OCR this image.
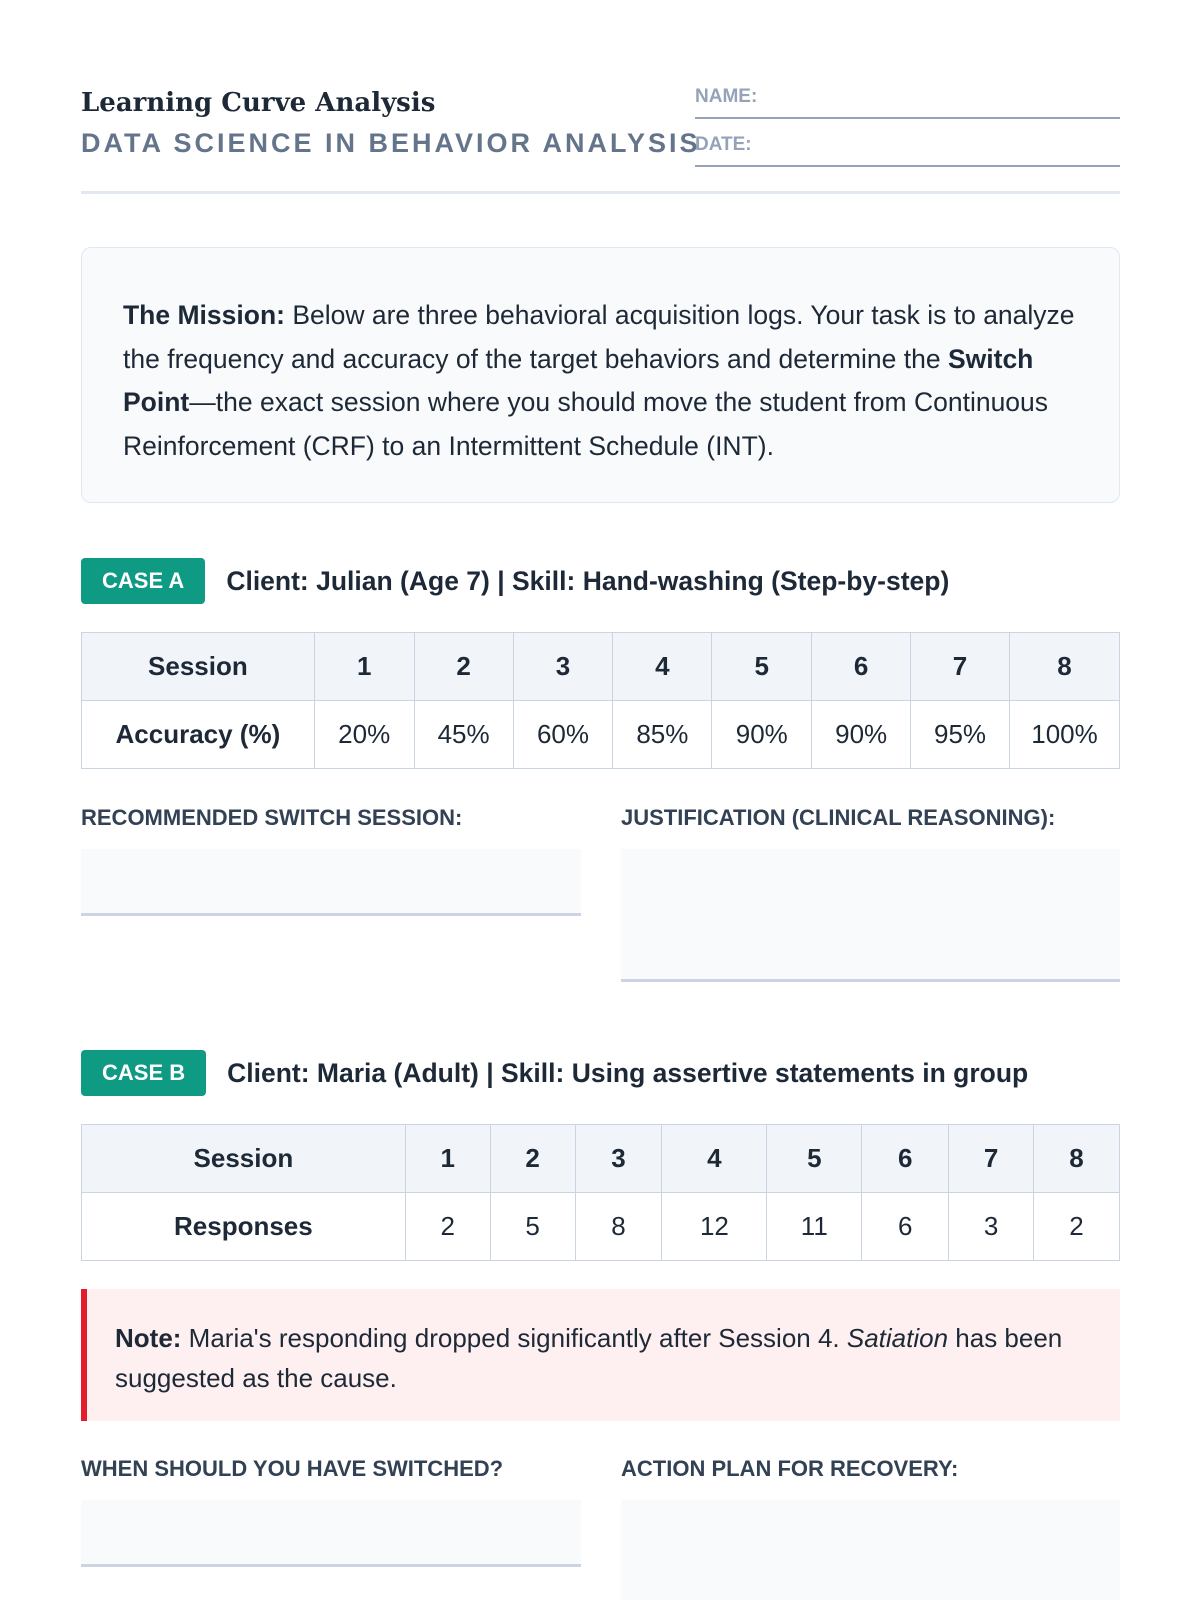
Learning Curve Analysis
DATA SCIENCE IN BEHAVIOR ANALYSIS
NAME:
DATE:
The Mission: Below are three behavioral acquisition logs. Your task is to analyze the frequency and accuracy of the target behaviors and determine the Switch Point—the exact session where you should move the student from Continuous Reinforcement (CRF) to an Intermittent Schedule (INT).
CASE A	Client: Julian (Age 7) | Skill: Hand-washing (Step-by-step)
Session	1	2	3	4	5	6	7	8
Accuracy (%)	20%	45%	60%	85%	90%	90%	95%	100%
RECOMMENDED SWITCH SESSION:	JUSTIFICATION (CLINICAL REASONING):
CASE B	Client: Maria (Adult) | Skill: Using assertive statements in group
Session	1	2	3	4	5	6	7	8
Responses	2	5	8	12	11	6	3	2
Note: Maria's responding dropped significantly after Session 4. Satiation has been suggested as the cause.
WHEN SHOULD YOU HAVE SWITCHED?	ACTION PLAN FOR RECOVERY:
